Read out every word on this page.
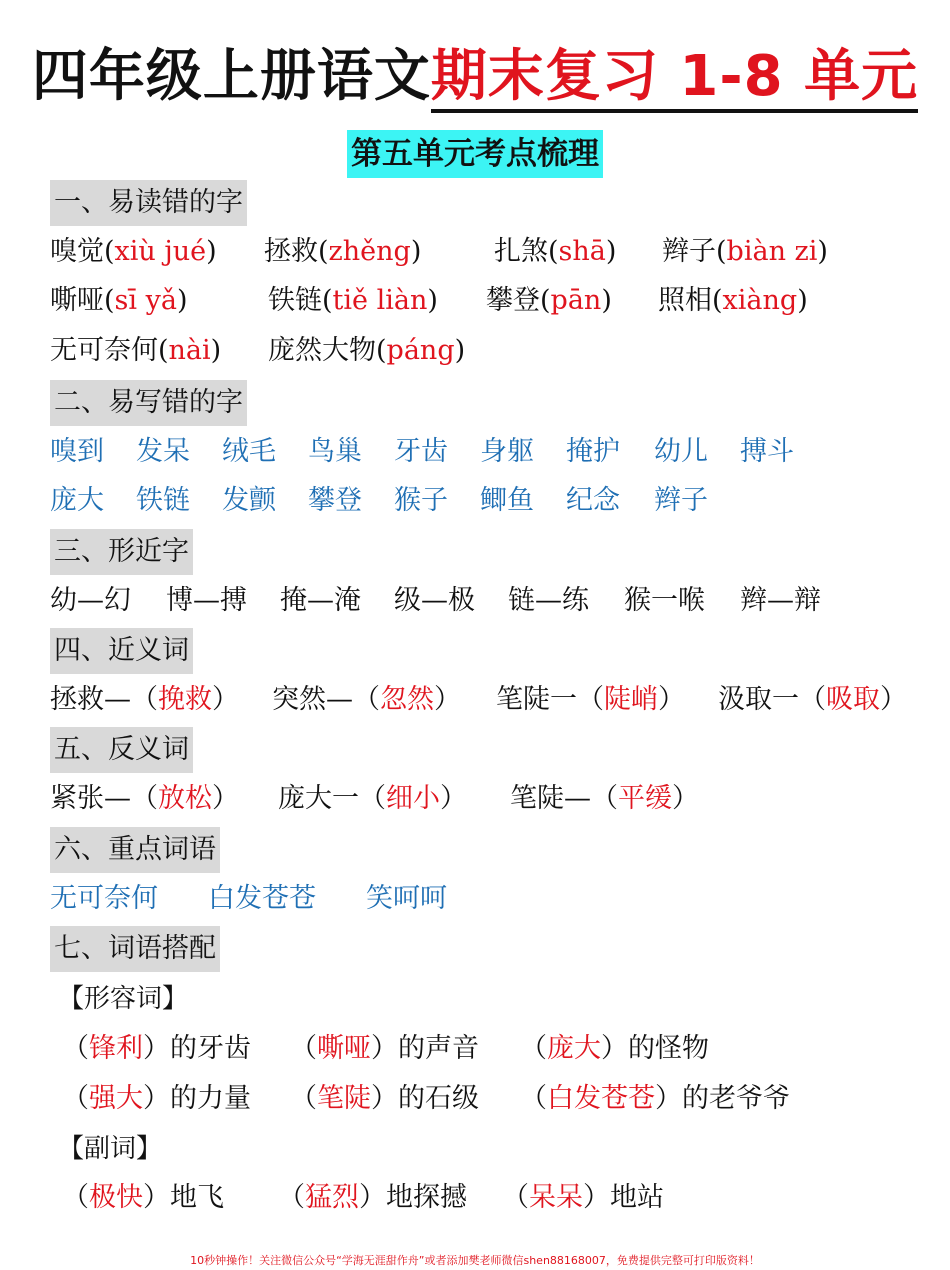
四年级上册语文期末复习 1-8 单元
第五单元考点梳理
一、易读错的字
嗅觉(xiù jué) 拯救(zhěng)	扎煞(shā) 辫子(biàn zi)
嘶哑(sī yǎ)	铁链(tiě liàn) 攀登(pān) 照相(xiàng)
无可奈何(nài) 庞然大物(páng)
二、易写错的字
嗅到 发呆 绒毛 鸟巢 牙齿 身躯 掩护 幼儿 搏斗
庞大 铁链 发颤 攀登 猴子 鲫鱼 纪念 辫子
三、形近字
幼—幻 博—搏 掩—淹 级—极 链—练 猴一喉 辫—辩
四、近义词
拯救—（挽救） 突然—（忽然） 笔陡一（陡峭） 汲取一（吸取）
五、反义词
紧张—（放松） 庞大一（细小） 笔陡—（平缓）
六、重点词语
无可奈何 白发苍苍 笑呵呵
七、词语搭配
【形容词】
（锋利）的牙齿 （嘶哑）的声音 （庞大）的怪物
（强大）的力量 （笔陡）的石级 （白发苍苍）的老爷爷
【副词】
（极快）地飞 （猛烈）地探撼 （呆呆）地站
10秒钟操作！关注微信公众号“学海无涯甜作舟”或者添加樊老师微信shen88168007，免费提供完整可打印版资料！
